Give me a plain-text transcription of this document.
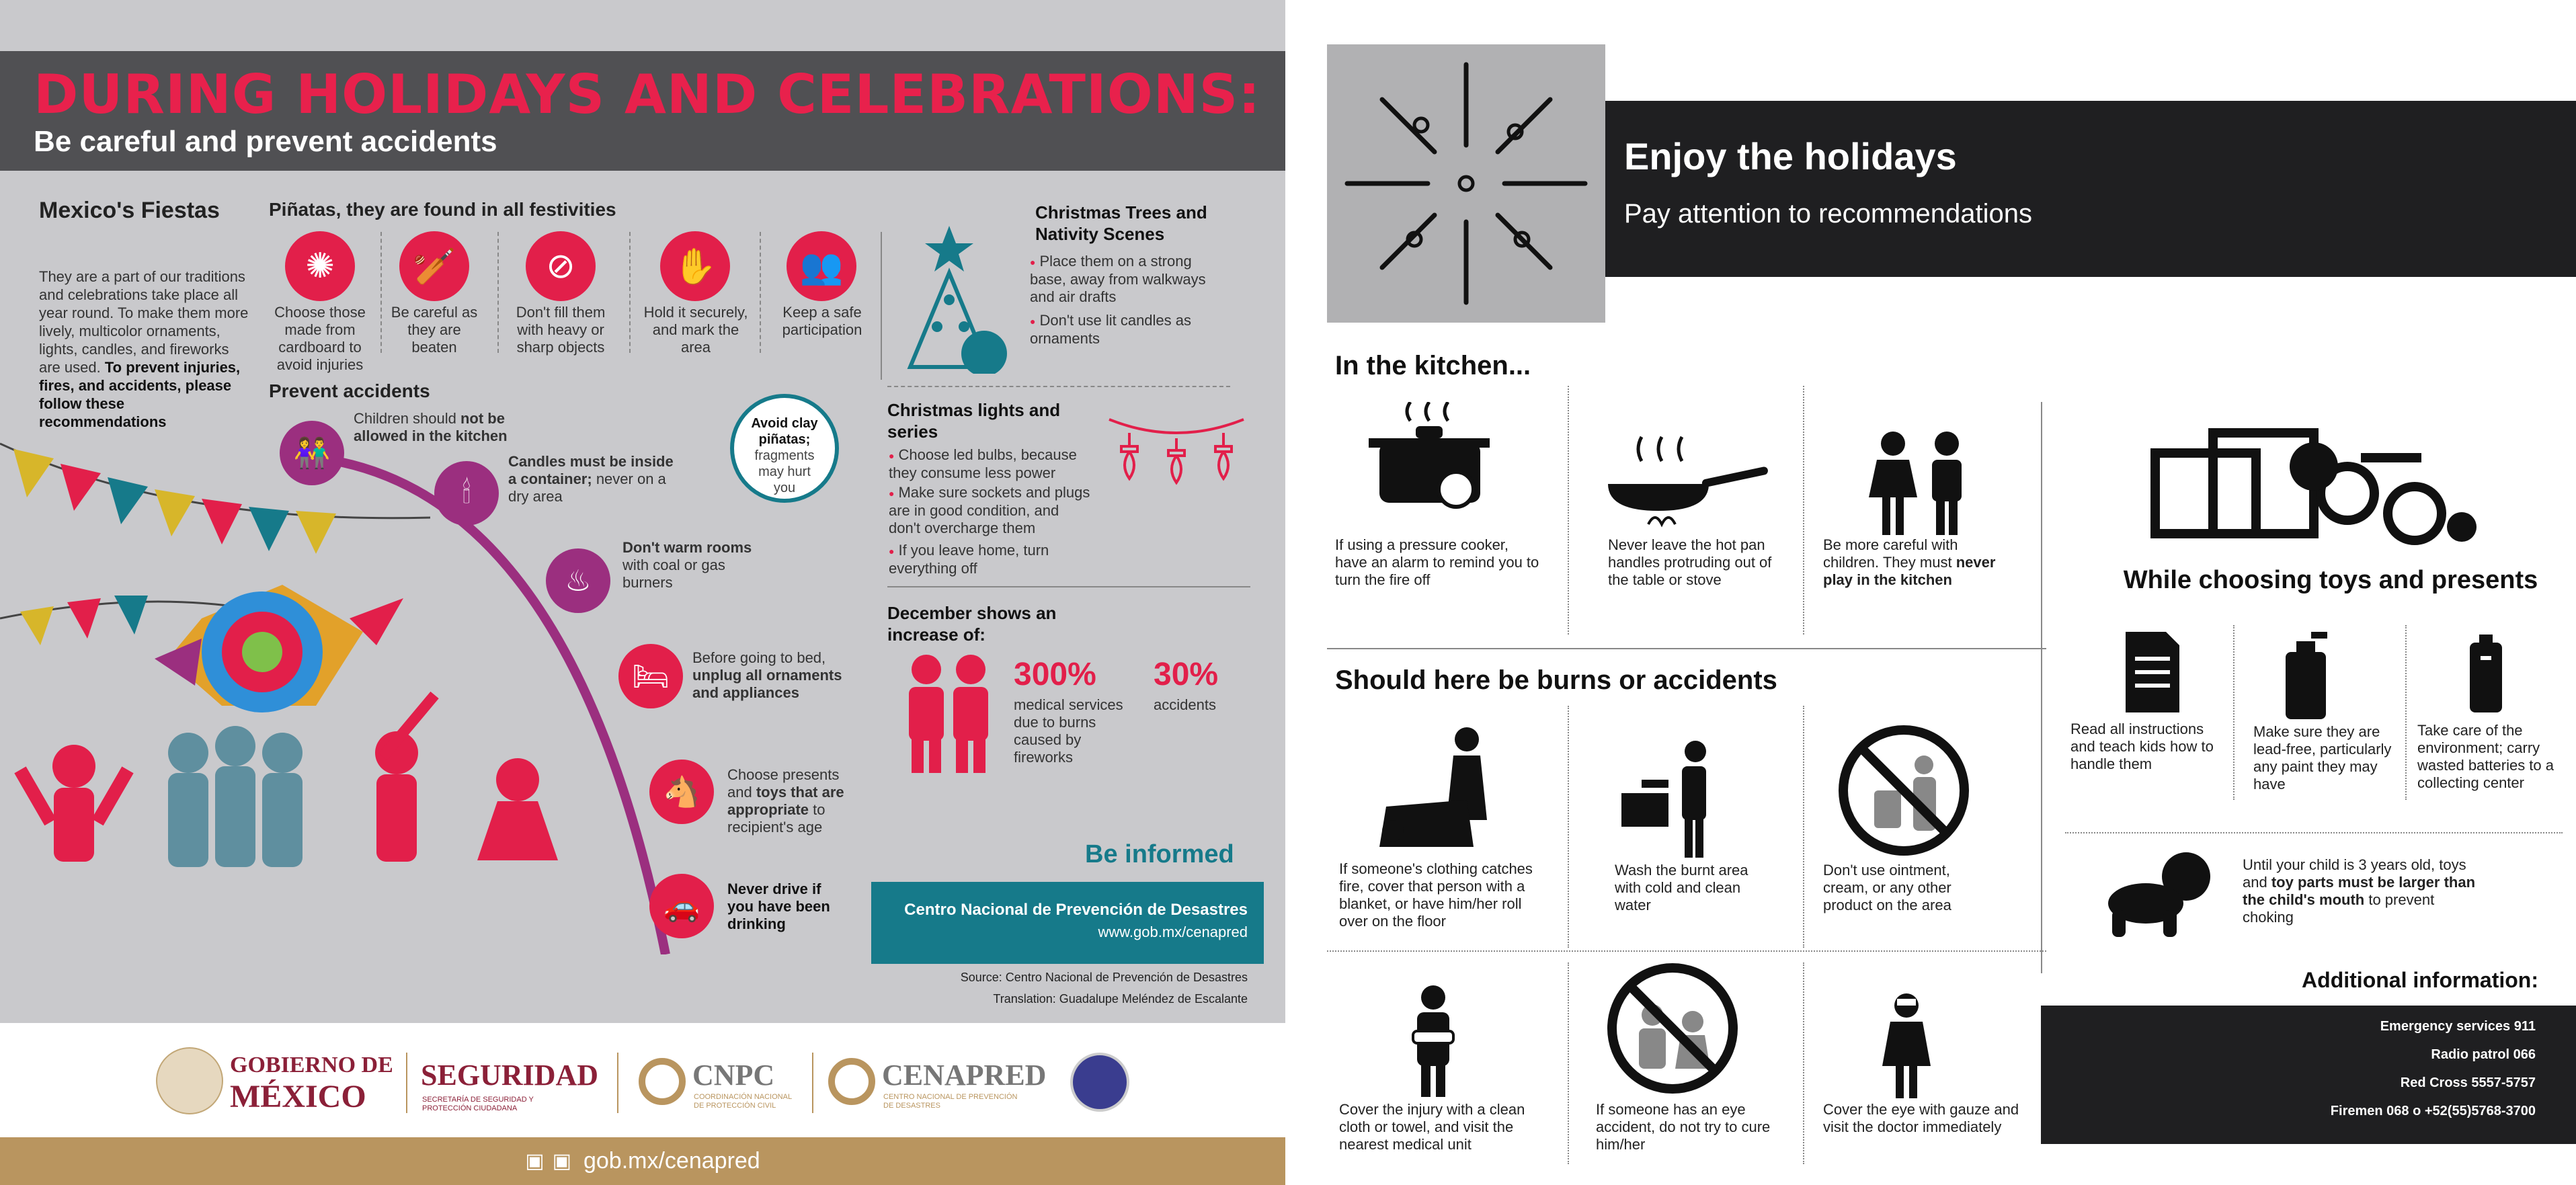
DURING HOLIDAYS AND CELEBRATIONS:
Be careful and prevent accidents
Mexico's Fiestas
They are a part of our traditions and celebrations take place all year round. To make them more lively, multicolor ornaments, lights, candles, and fireworks are used. To prevent injuries, fires, and accidents, please follow these recommendations
Piñatas, they are found in all festivities
✺
Choose those made from cardboard to avoid injuries
🏏
Be careful as they are beaten
⊘
Don't fill them with heavy or sharp objects
✋
Hold it securely, and mark the area
👥
Keep a safe participation
Prevent accidents
👫
Children should not be allowed in the kitchen
🕯
Candles must be inside a container; never on a dry area
♨
Don't warm rooms with coal or gas burners
🛏
Before going to bed, unplug all ornaments and appliances
🐴
Choose presents and toys that are appropriate to recipient's age
🚗
Never drive if you have been drinking
Avoid clay piñatas;
fragments may hurt you
Christmas Trees and Nativity Scenes
● Place them on a strong base, away from walkways and air drafts
● Don't use lit candles as ornaments
Christmas lights and series
● Choose led bulbs, because they consume less power
● Make sure sockets and plugs are in good condition, and don't overcharge them
● If you leave home, turn everything off
December shows an increase of:
300%
medical services due to burns caused by fireworks
30%
accidents
Be informed
Centro Nacional de Prevención de Desastres
www.gob.mx/cenapred
Source: Centro Nacional de Prevención de Desastres
Translation: Guadalupe Meléndez de Escalante
GOBIERNO DE
MÉXICO
SEGURIDAD
SECRETARÍA DE SEGURIDAD Y PROTECCIÓN CIUDADANA
CNPC
COORDINACIÓN NACIONAL DE PROTECCIÓN CIVIL
CENAPRED
CENTRO NACIONAL DE PREVENCIÓN DE DESASTRES
▣ ▣ gob.mx/cenapred
Enjoy the holidays
Pay attention to recommendations
In the kitchen...
If using a pressure cooker, have an alarm to remind you to turn the fire off
Never leave the hot pan handles protruding out of the table or stove
Be more careful with children. They must never play in the kitchen
Should here be burns or accidents
If someone's clothing catches fire, cover that person with a blanket, or have him/her roll over on the floor
Wash the burnt area with cold and clean water
Don't use ointment, cream, or any other product on the area
Cover the injury with a clean cloth or towel, and visit the nearest medical unit
If someone has an eye accident, do not try to cure him/her
Cover the eye with gauze and visit the doctor immediately
While choosing toys and presents
Read all instructions and teach kids how to handle them
Make sure they are lead-free, particularly any paint they may have
Take care of the environment; carry wasted batteries to a collecting center
Until your child is 3 years old, toys and toy parts must be larger than the child's mouth to prevent choking
Additional information:
Emergency services 911
Radio patrol 066
Red Cross 5557-5757
Firemen 068 o +52(55)5768-3700
